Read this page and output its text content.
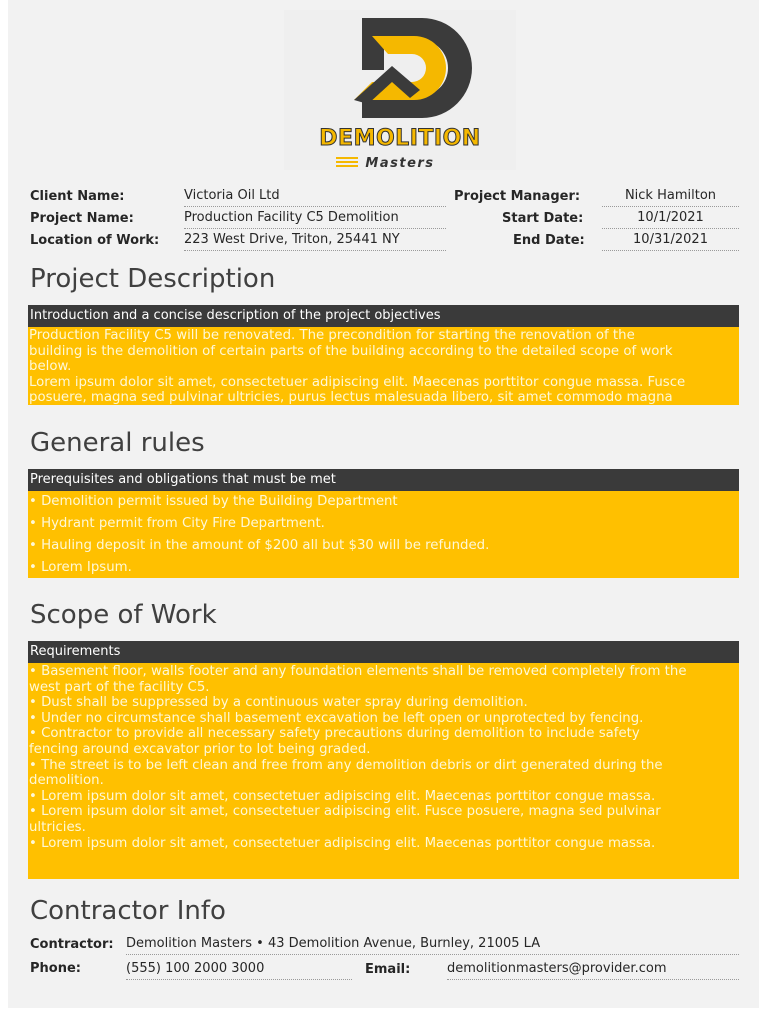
DEMOLITION
Masters
Client Name:	Victoria Oil Ltd
Project Name:	Production Facility C5 Demolition
Location of Work: 223 West Drive, Triton, 25441 NY
Project Manager:	Nick Hamilton
Start Date:	10/1/2021
End Date:	10/31/2021
Project Description
Introduction and a concise description of the project objectives

Production Facility C5 will be renovated. The precondition for starting the renovation of the

building is the demolition of certain parts of the building according to the detailed scope of work

below.

Lorem ipsum dolor sit amet, consectetuer adipiscing elit. Maecenas porttitor congue massa. Fusce

posuere, magna sed pulvinar ultricies, purus lectus malesuada libero, sit amet commodo magna

General rules
Prerequisites and obligations that must be met

• Demolition permit issued by the Building Department

• Hydrant permit from City Fire Department.

• Hauling deposit in the amount of $200 all but $30 will be refunded.

• Lorem Ipsum.

Scope of Work
Requirements

• Basement floor, walls footer and any foundation elements shall be removed completely from the

west part of the facility C5.

• Dust shall be suppressed by a continuous water spray during demolition.

• Under no circumstance shall basement excavation be left open or unprotected by fencing.

• Contractor to provide all necessary safety precautions during demolition to include safety

fencing around excavator prior to lot being graded.

• The street is to be left clean and free from any demolition debris or dirt generated during the

demolition.

• Lorem ipsum dolor sit amet, consectetuer adipiscing elit. Maecenas porttitor congue massa.

• Lorem ipsum dolor sit amet, consectetuer adipiscing elit. Fusce posuere, magna sed pulvinar

ultricies.

• Lorem ipsum dolor sit amet, consectetuer adipiscing elit. Maecenas porttitor congue massa.

Contractor Info
Contractor: Demolition Masters • 43 Demolition Avenue, Burnley, 21005 LA
Phone:	(555) 100 2000 3000	Email:	demolitionmasters@provider.com
